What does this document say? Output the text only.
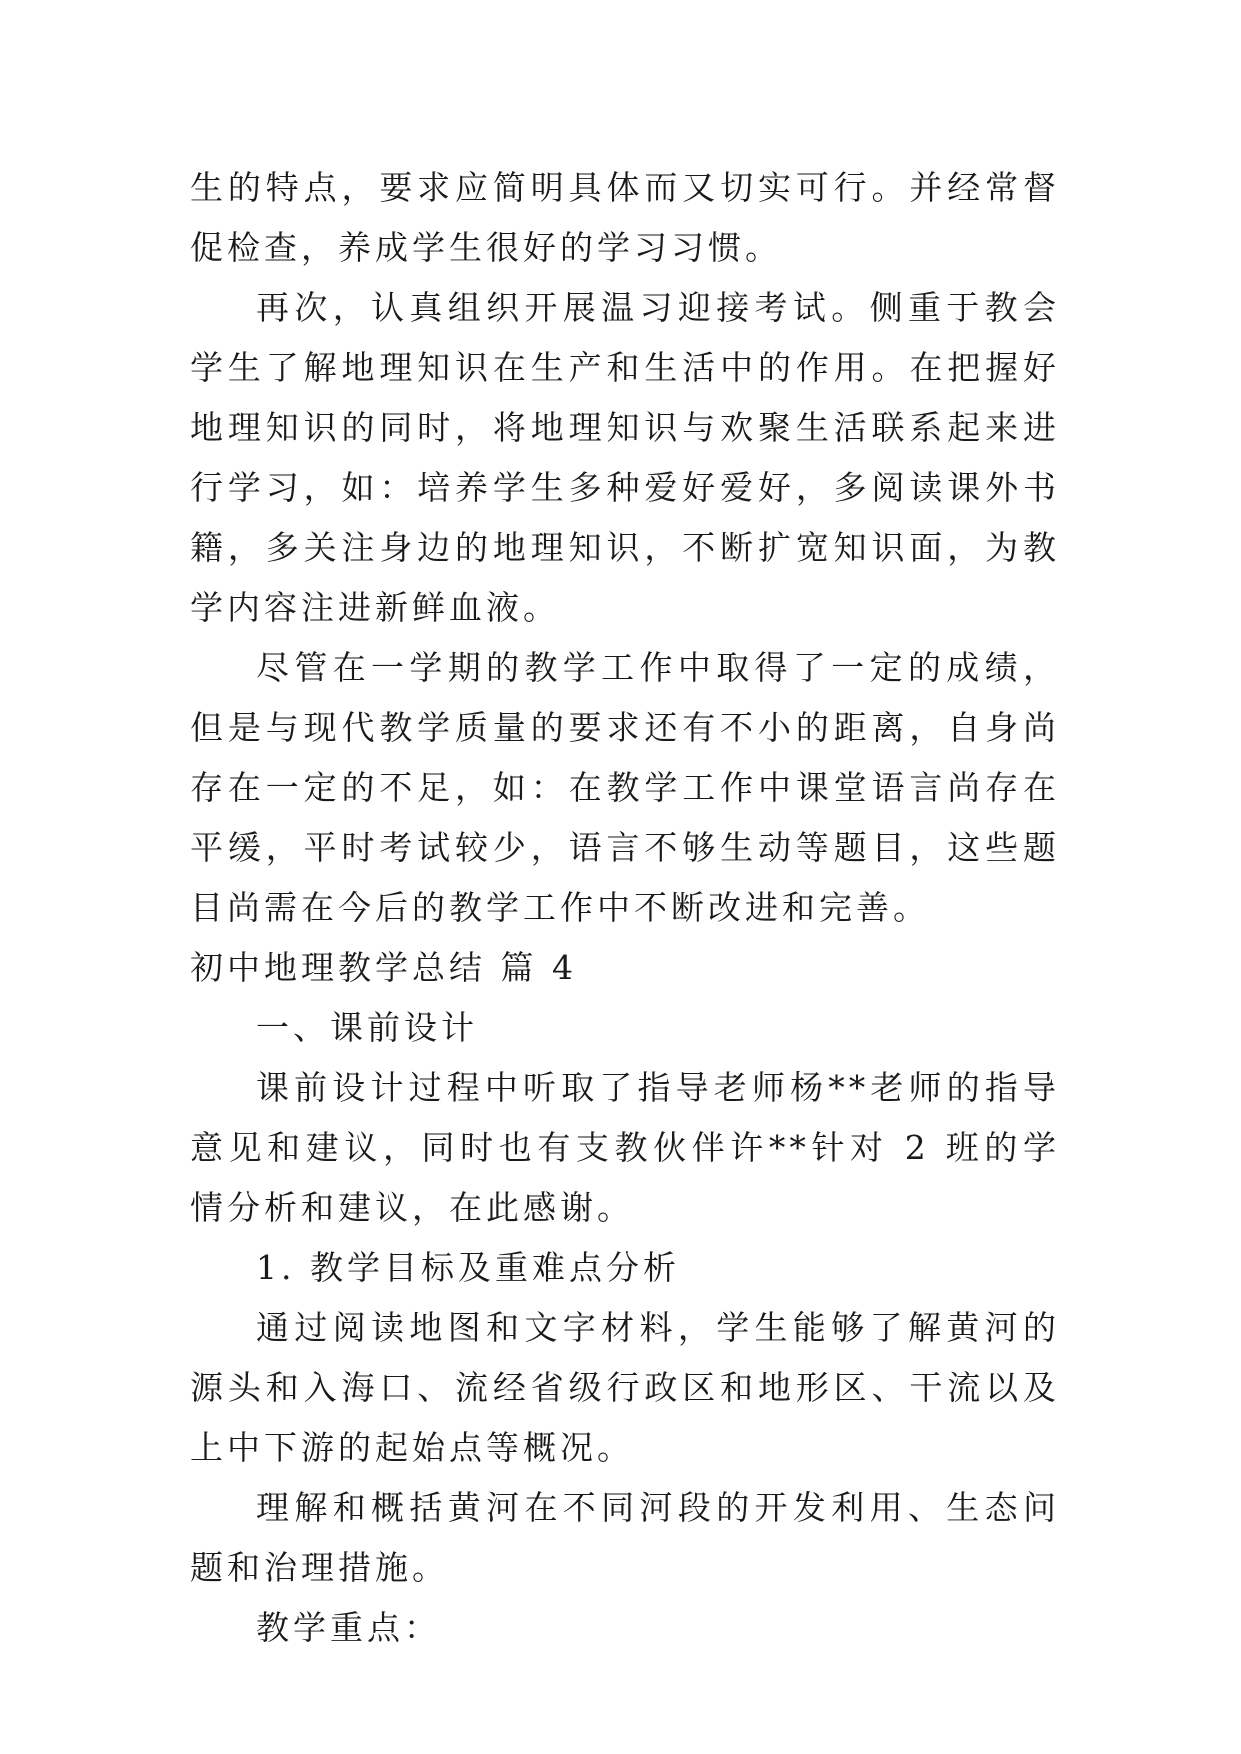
生的特点，要求应简明具体而又切实可行。并经常督促检查，养成学生很好的学习习惯。

再次，认真组织开展温习迎接考试。侧重于教会学生了解地理知识在生产和生活中的作用。在把握好地理知识的同时，将地理知识与欢聚生活联系起来进行学习，如：培养学生多种爱好爱好，多阅读课外书籍，多关注身边的地理知识，不断扩宽知识面，为教学内容注进新鲜血液。

尽管在一学期的教学工作中取得了一定的成绩，但是与现代教学质量的要求还有不小的距离，自身尚存在一定的不足，如：在教学工作中课堂语言尚存在平缓，平时考试较少，语言不够生动等题目，这些题目尚需在今后的教学工作中不断改进和完善。

初中地理教学总结 篇 4

一、课前设计

课前设计过程中听取了指导老师杨**老师的指导意见和建议，同时也有支教伙伴许**针对 2 班的学情分析和建议，在此感谢。

1. 教学目标及重难点分析

通过阅读地图和文字材料，学生能够了解黄河的源头和入海口、流经省级行政区和地形区、干流以及上中下游的起始点等概况。

理解和概括黄河在不同河段的开发利用、生态问题和治理措施。

教学重点：
